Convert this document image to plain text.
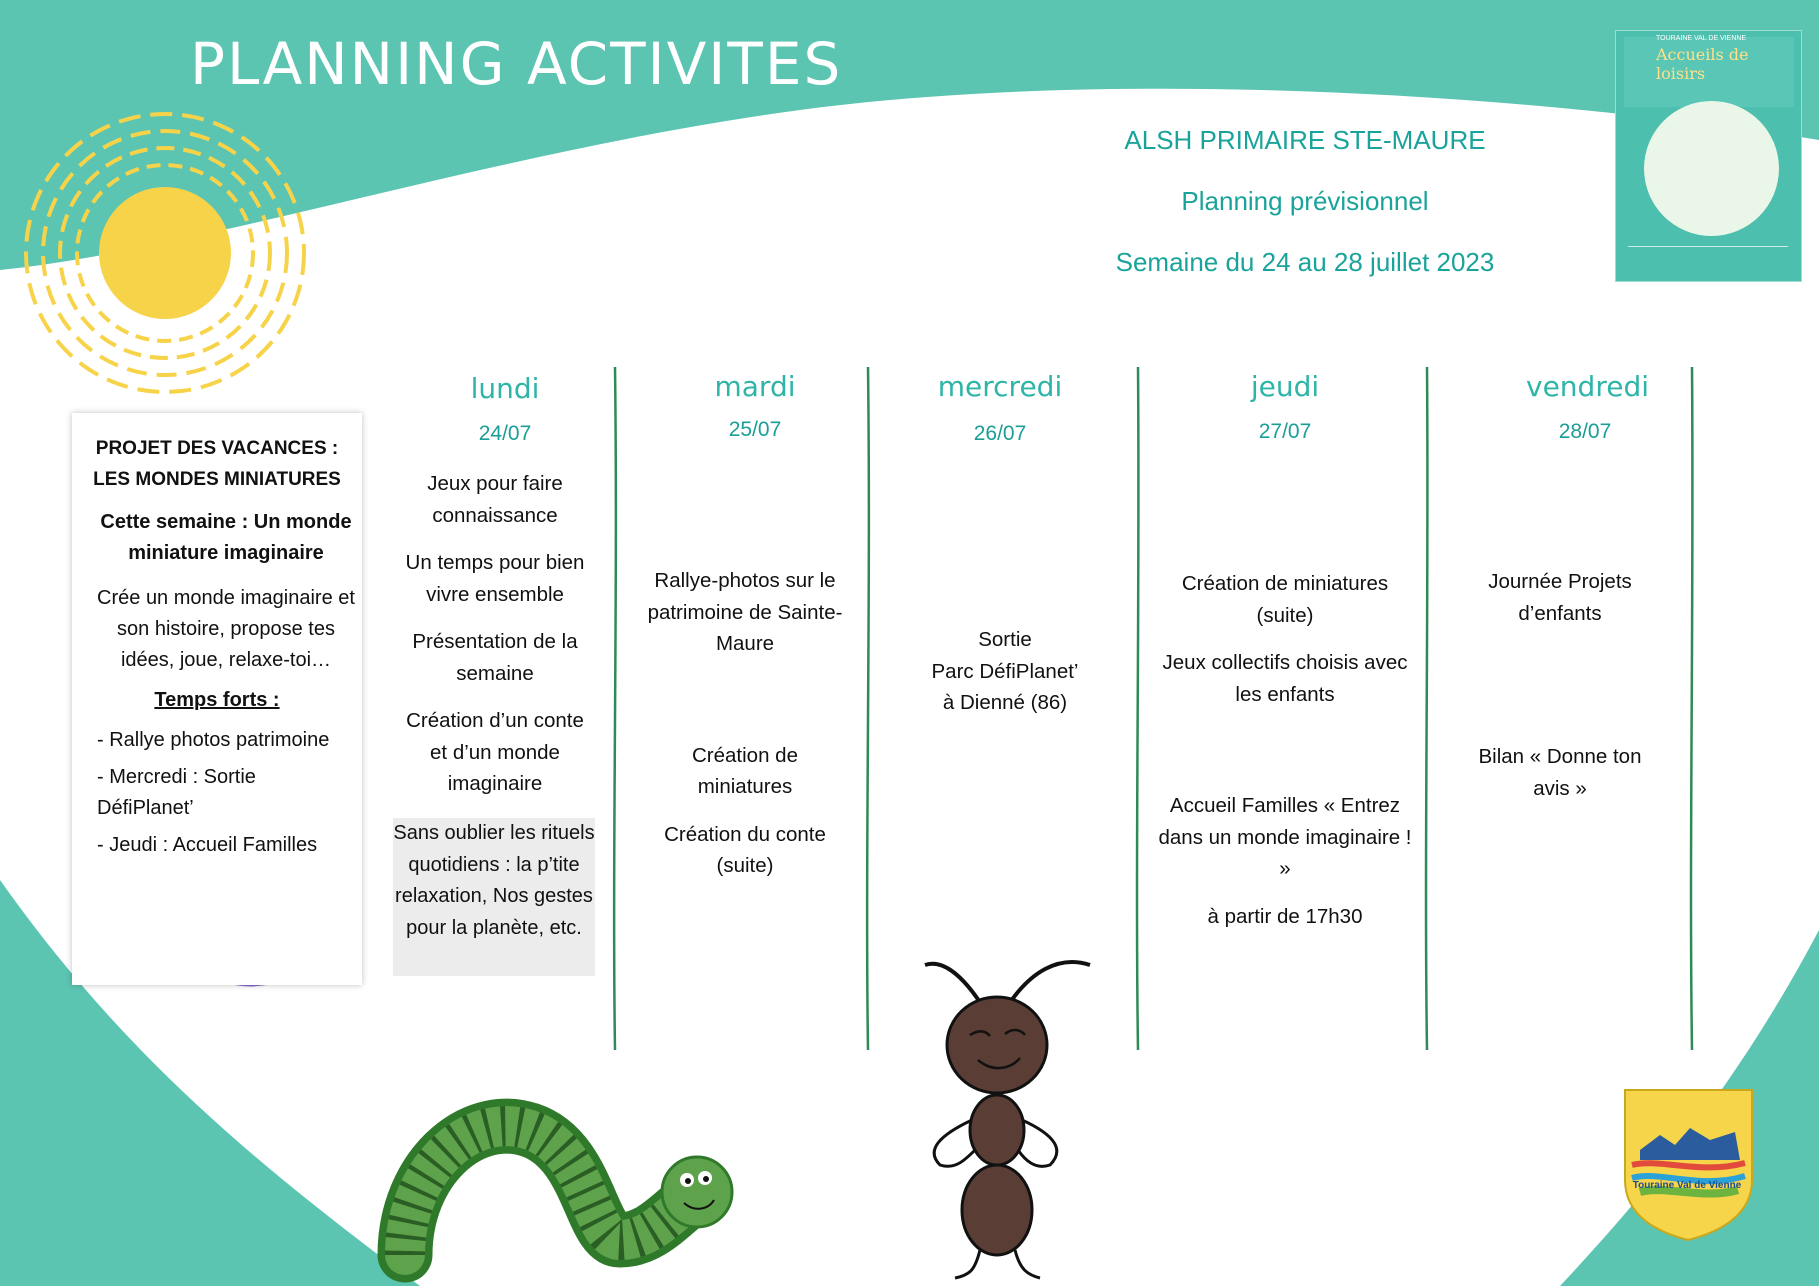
PLANNING ACTIVITES	TOURAINE VAL DE VIENNE
Accueils de loisirs
ALSH PRIMAIRE STE-MAURE
Planning prévisionnel
Semaine du 24 au 28 juillet 2023
PROJET DES VACANCES :
LES MONDES MINIATURES
Cette semaine : Un monde miniature imaginaire
Crée un monde imaginaire et son histoire, propose tes idées, joue, relaxe-toi…
Temps forts :
- Rallye photos patrimoine
- Mercredi : Sortie DéfiPlanet’
- Jeudi : Accueil Familles
lundi
24/07
mardi
25/07
mercredi
26/07
jeudi
27/07
vendredi
28/07

Jeux pour faire connaissance

Un temps pour bien vivre ensemble

Présentation de la semaine

Création d’un conte et d’un monde imaginaire

Sans oublier les rituels quotidiens : la p’tite relaxation, Nos gestes pour la planète, etc.

Rallye-photos sur le patrimoine de Sainte-Maure

Création de miniatures

Création du conte (suite)

Sortie
Parc DéfiPlanet’
à Dienné (86)

Création de miniatures (suite)

Jeux collectifs choisis avec les enfants

Accueil Familles « Entrez dans un monde imaginaire ! »

à partir de 17h30

Journée Projets d’enfants

Bilan « Donne ton avis »

Touraine Val de Vienne
